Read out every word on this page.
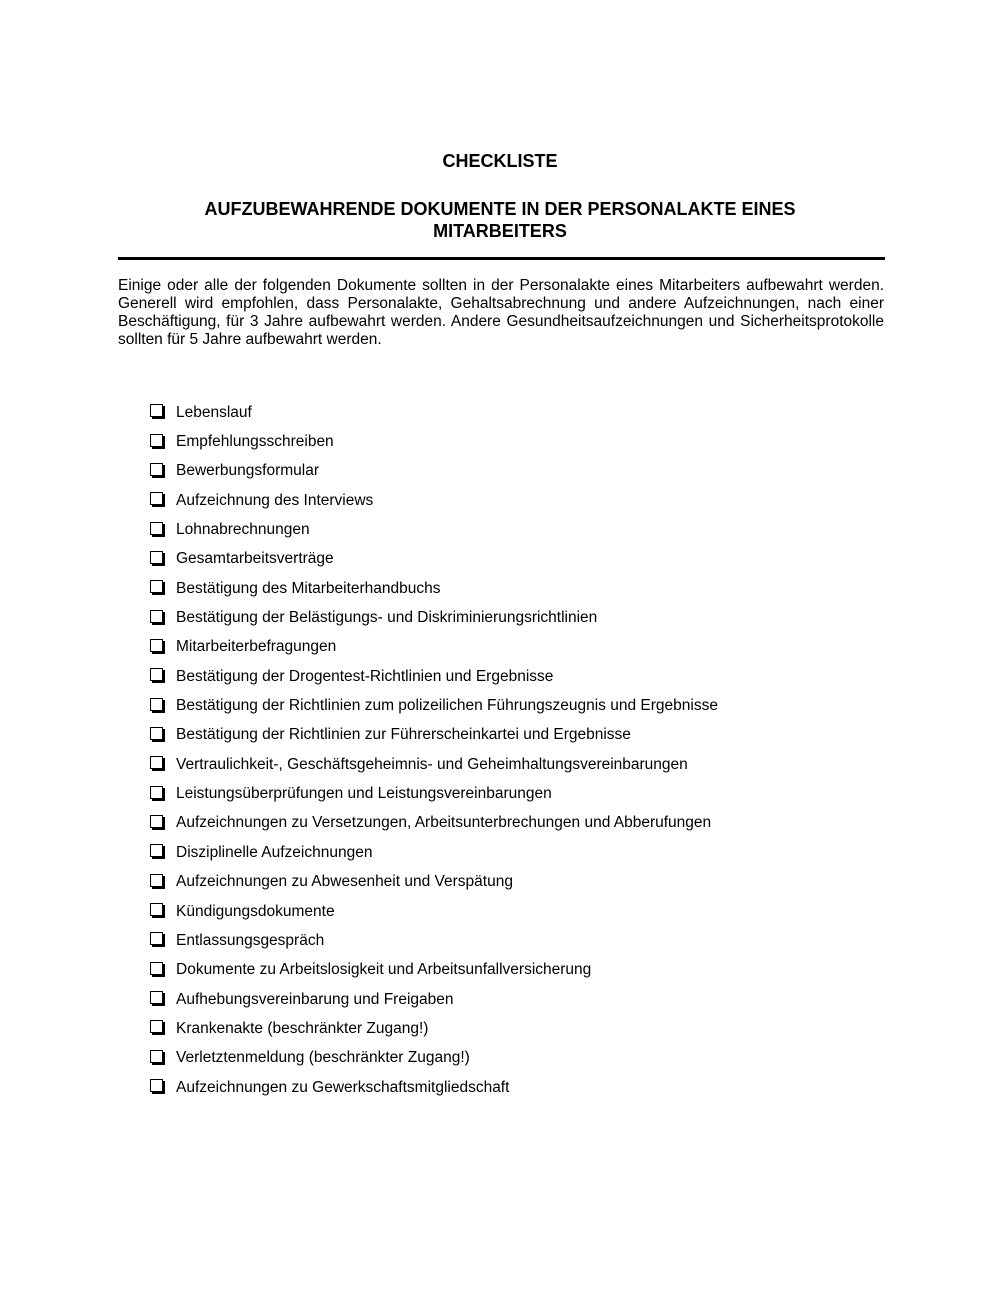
CHECKLISTE
AUFZUBEWAHRENDE DOKUMENTE IN DER PERSONALAKTE EINES MITARBEITERS
Einige oder alle der folgenden Dokumente sollten in der Personalakte eines Mitarbeiters aufbewahrt werden. Generell wird empfohlen, dass Personalakte, Gehaltsabrechnung und andere Aufzeichnungen, nach einer Beschäftigung, für 3 Jahre aufbewahrt werden. Andere Gesundheitsaufzeichnungen und Sicherheitsprotokolle sollten für 5 Jahre aufbewahrt werden.
Lebenslauf
Empfehlungsschreiben
Bewerbungsformular
Aufzeichnung des Interviews
Lohnabrechnungen
Gesamtarbeitsverträge
Bestätigung des Mitarbeiterhandbuchs
Bestätigung der Belästigungs- und Diskriminierungsrichtlinien
Mitarbeiterbefragungen
Bestätigung der Drogentest-Richtlinien und Ergebnisse
Bestätigung der Richtlinien zum polizeilichen Führungszeugnis und Ergebnisse
Bestätigung der Richtlinien zur Führerscheinkartei und Ergebnisse
Vertraulichkeit-, Geschäftsgeheimnis- und Geheimhaltungsvereinbarungen
Leistungsüberprüfungen und Leistungsvereinbarungen
Aufzeichnungen zu Versetzungen, Arbeitsunterbrechungen und Abberufungen
Disziplinelle Aufzeichnungen
Aufzeichnungen zu Abwesenheit und Verspätung
Kündigungsdokumente
Entlassungsgespräch
Dokumente zu Arbeitslosigkeit und Arbeitsunfallversicherung
Aufhebungsvereinbarung und Freigaben
Krankenakte (beschränkter Zugang!)
Verletztenmeldung (beschränkter Zugang!)
Aufzeichnungen zu Gewerkschaftsmitgliedschaft
